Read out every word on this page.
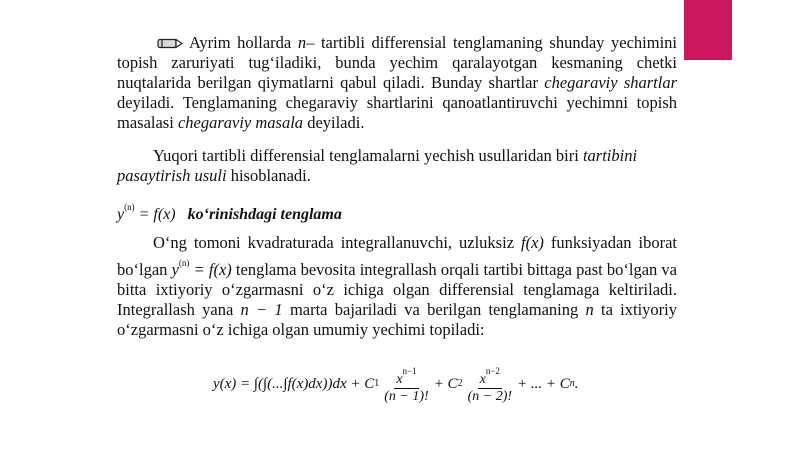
Ayrim hollarda n– tartibli differensial tenglamaning shunday yechimini topish zaruriyati tug‘iladiki, bunda yechim qaralayotgan kesmaning chetki nuqtalarida berilgan qiymatlarni qabul qiladi. Bunday shartlar chegaraviy shartlar deyiladi. Tenglamaning chegaraviy shartlarini qanoatlantiruvchi yechimni topish masalasi chegaraviy masala deyiladi.
Yuqori tartibli differensial tenglamalarni yechish usullaridan biri tartibini pasaytirish usuli hisoblanadi.
$y^{(n)} = f(x)$ ko‘rinishdagi tenglama
O‘ng tomoni kvadraturada integrallanuvchi, uzluksiz f(x) funksiyadan iborat bo‘lgan $y^{(n)} = f(x)$ tenglama bevosita integrallash orqali tartibi bittaga past bo‘lgan va bitta ixtiyoriy o‘zgarmasni o‘z ichiga olgan differensial tenglamaga keltiriladi. Integrallash yana n − 1 marta bajariladi va berilgan tenglamaning n ta ixtiyoriy o‘zgarmasni o‘z ichiga olgan umumiy yechimi topiladi:
y(x) = ∫(∫(...∫f(x)dx))dx + C $1 \frac{x^{n-1}}{(n - 1)!} + C$ $2 \frac{x^{n-2}}{(n - 2)!}$ + ... + C n .
